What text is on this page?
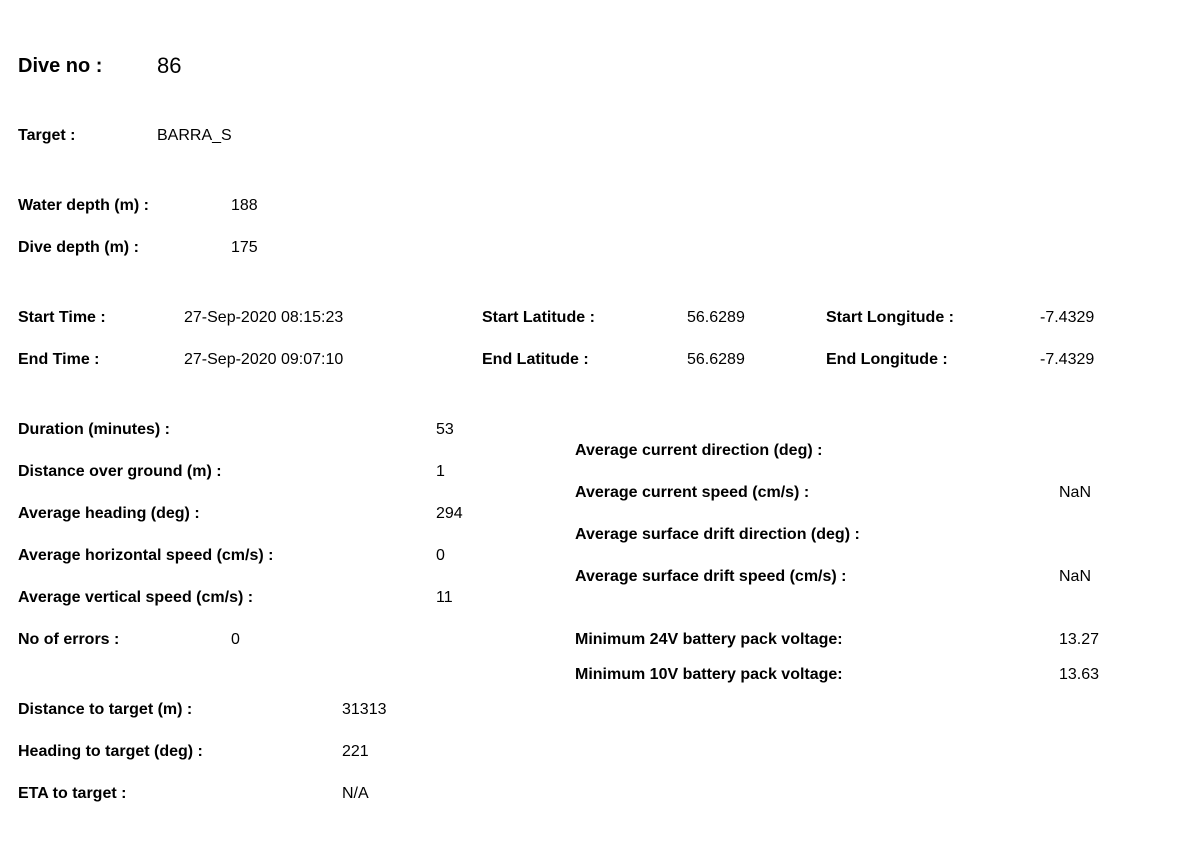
Dive no : 86
Target :	BARRA_S
Water depth (m) :	188
Dive depth (m) :	175
Start Time :	27-Sep-2020 08:15:23
End Time :	27-Sep-2020 09:07:10
Start Latitude :	56.6289
End Latitude :	56.6289
Start Longitude :	-7.4329
End Longitude :	-7.4329
Duration (minutes) :	53
Distance over ground (m) :	1
Average heading (deg) :	294
Average horizontal speed (cm/s) :	0
Average vertical speed (cm/s) :	11
No of errors :	0
Average current direction (deg) :
Average current speed (cm/s) :	NaN
Average surface drift direction (deg) :
Average surface drift speed (cm/s) :	NaN
Minimum 24V battery pack voltage:	13.27
Minimum 10V battery pack voltage:	13.63
Distance to target (m) :	31313
Heading to target (deg) :	221
ETA to target :	N/A
